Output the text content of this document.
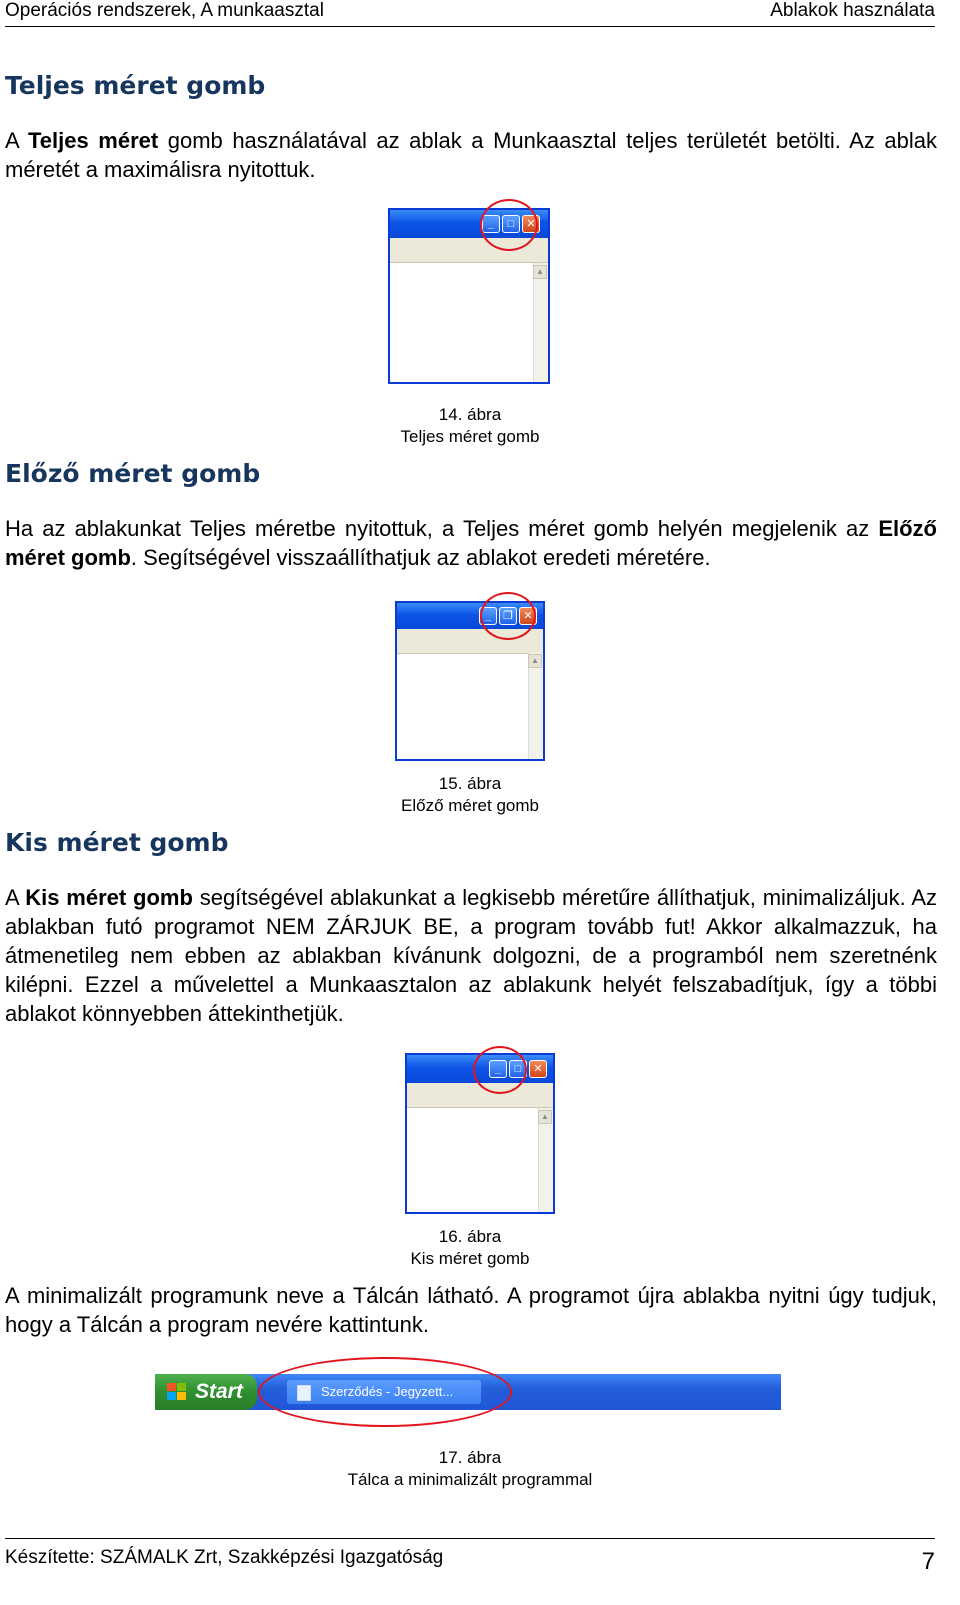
Operációs rendszerek, A munkaasztal	Ablakok használata
Teljes méret gomb

A Teljes méret gomb használatával az ablak a Munkaasztal teljes területét betölti. Az ablak méretét a maximálisra nyitottuk.

_	□	✕
▲
14. ábra
Teljes méret gomb
Előző méret gomb

Ha az ablakunkat Teljes méretbe nyitottuk, a Teljes méret gomb helyén megjelenik az Előző méret gomb. Segítségével visszaállíthatjuk az ablakot eredeti méretére.

_	❐ ✕
▲
15. ábra
Előző méret gomb
Kis méret gomb

A Kis méret gomb segítségével ablakunkat a legkisebb méretűre állíthatjuk, minimalizáljuk. Az ablakban futó programot NEM ZÁRJUK BE, a program tovább fut! Akkor alkalmazzuk, ha átmenetileg nem ebben az ablakban kívánunk dolgozni, de a programból nem szeretnénk kilépni. Ezzel a művelettel a Munkaasztalon az ablakunk helyét felszabadítjuk, így a többi ablakot könnyebben áttekinthetjük.

_	□	✕
▲
16. ábra
Kis méret gomb

A minimalizált programunk neve a Tálcán látható. A programot újra ablakba nyitni úgy tudjuk, hogy a Tálcán a program nevére kattintunk.

Start	Szerződés - Jegyzett...
17. ábra
Tálca a minimalizált programmal
Készítette: SZÁMALK Zrt, Szakképzési Igazgatóság	7
